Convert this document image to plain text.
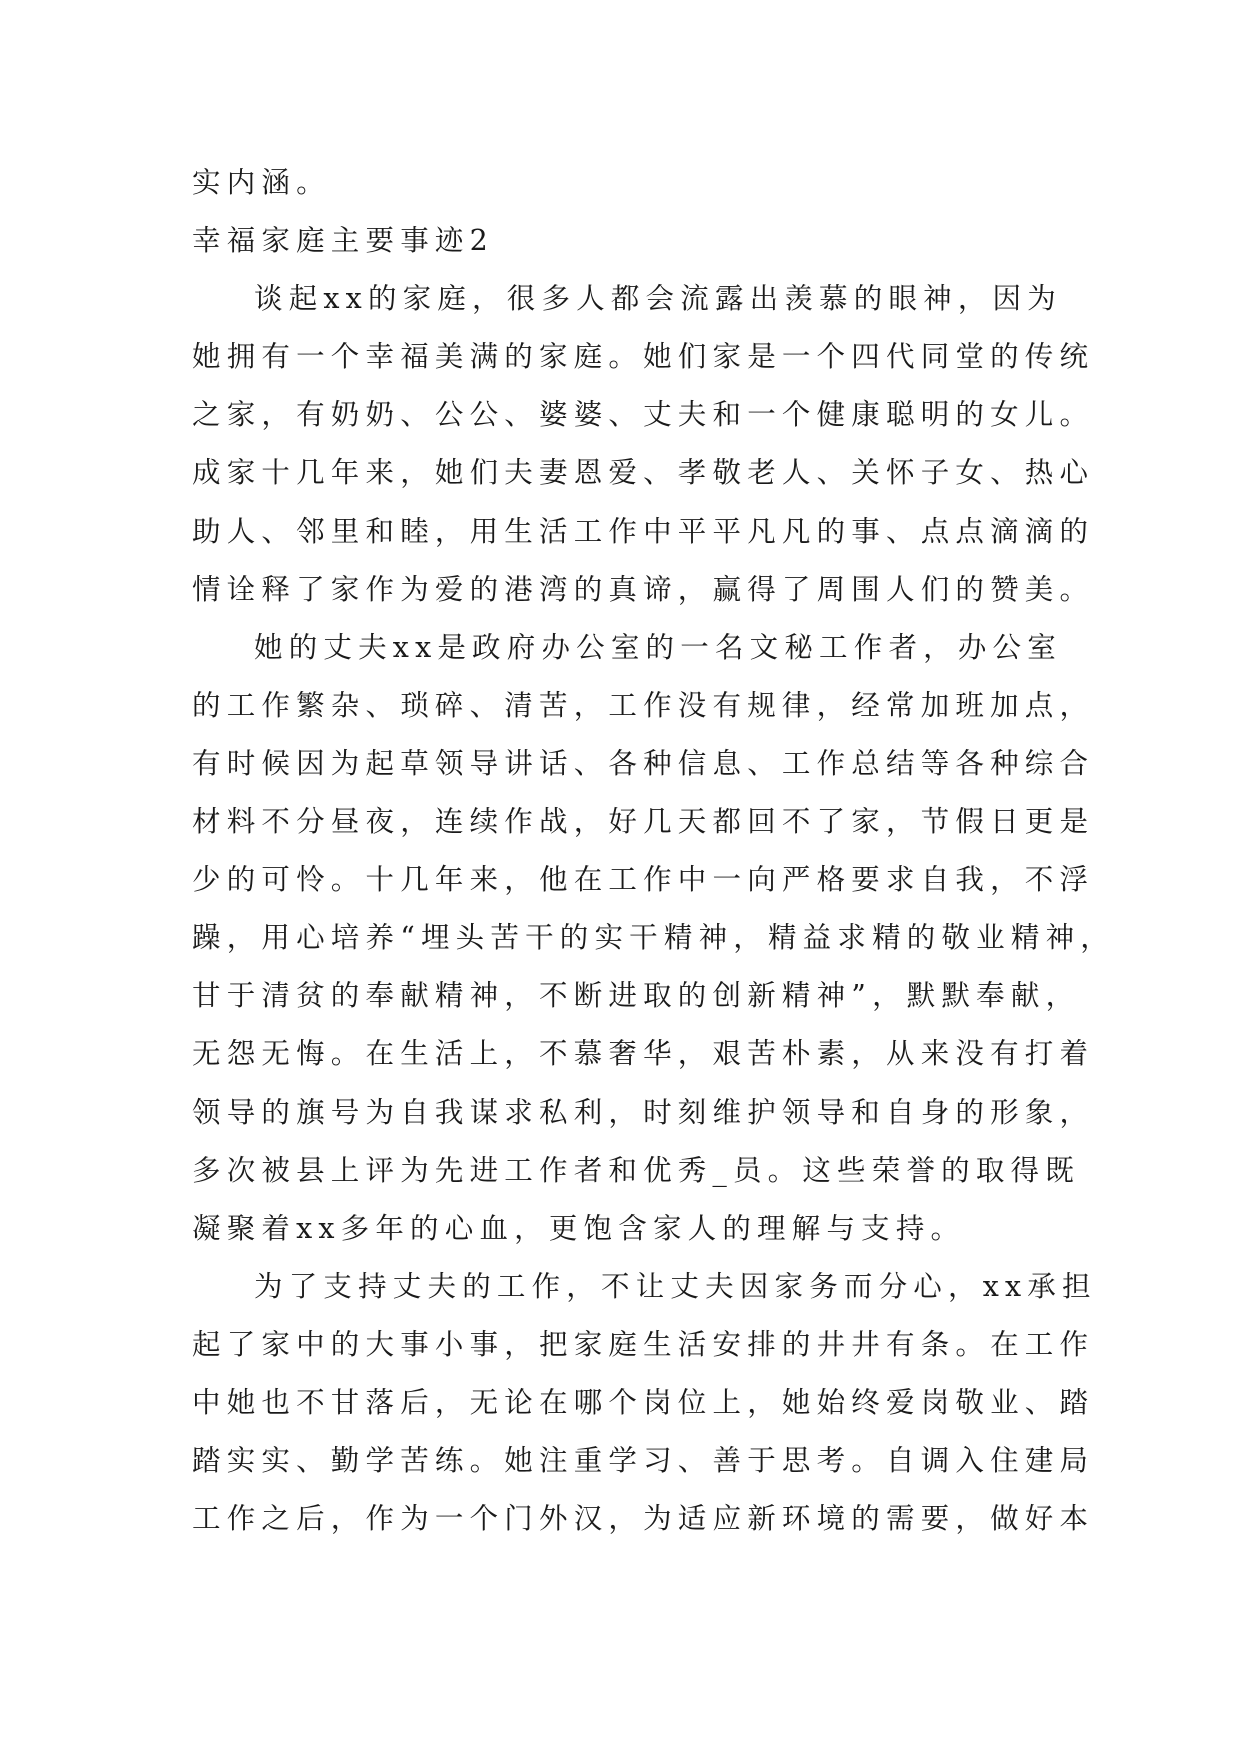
实内涵。
幸福家庭主要事迹2
谈起xx的家庭，很多人都会流露出羡慕的眼神，因为
她拥有一个幸福美满的家庭。她们家是一个四代同堂的传统
之家，有奶奶、公公、婆婆、丈夫和一个健康聪明的女儿。
成家十几年来，她们夫妻恩爱、孝敬老人、关怀子女、热心
助人、邻里和睦，用生活工作中平平凡凡的事、点点滴滴的
情诠释了家作为爱的港湾的真谛，赢得了周围人们的赞美。
她的丈夫xx是政府办公室的一名文秘工作者，办公室
的工作繁杂、琐碎、清苦，工作没有规律，经常加班加点，
有时候因为起草领导讲话、各种信息、工作总结等各种综合
材料不分昼夜，连续作战，好几天都回不了家，节假日更是
少的可怜。十几年来，他在工作中一向严格要求自我，不浮
躁，用心培养“埋头苦干的实干精神，精益求精的敬业精神，
甘于清贫的奉献精神，不断进取的创新精神”，默默奉献，
无怨无悔。在生活上，不慕奢华，艰苦朴素，从来没有打着
领导的旗号为自我谋求私利，时刻维护领导和自身的形象，
多次被县上评为先进工作者和优秀_员。这些荣誉的取得既
凝聚着xx多年的心血，更饱含家人的理解与支持。
为了支持丈夫的工作，不让丈夫因家务而分心，xx承担
起了家中的大事小事，把家庭生活安排的井井有条。在工作
中她也不甘落后，无论在哪个岗位上，她始终爱岗敬业、踏
踏实实、勤学苦练。她注重学习、善于思考。自调入住建局
工作之后，作为一个门外汉，为适应新环境的需要，做好本
